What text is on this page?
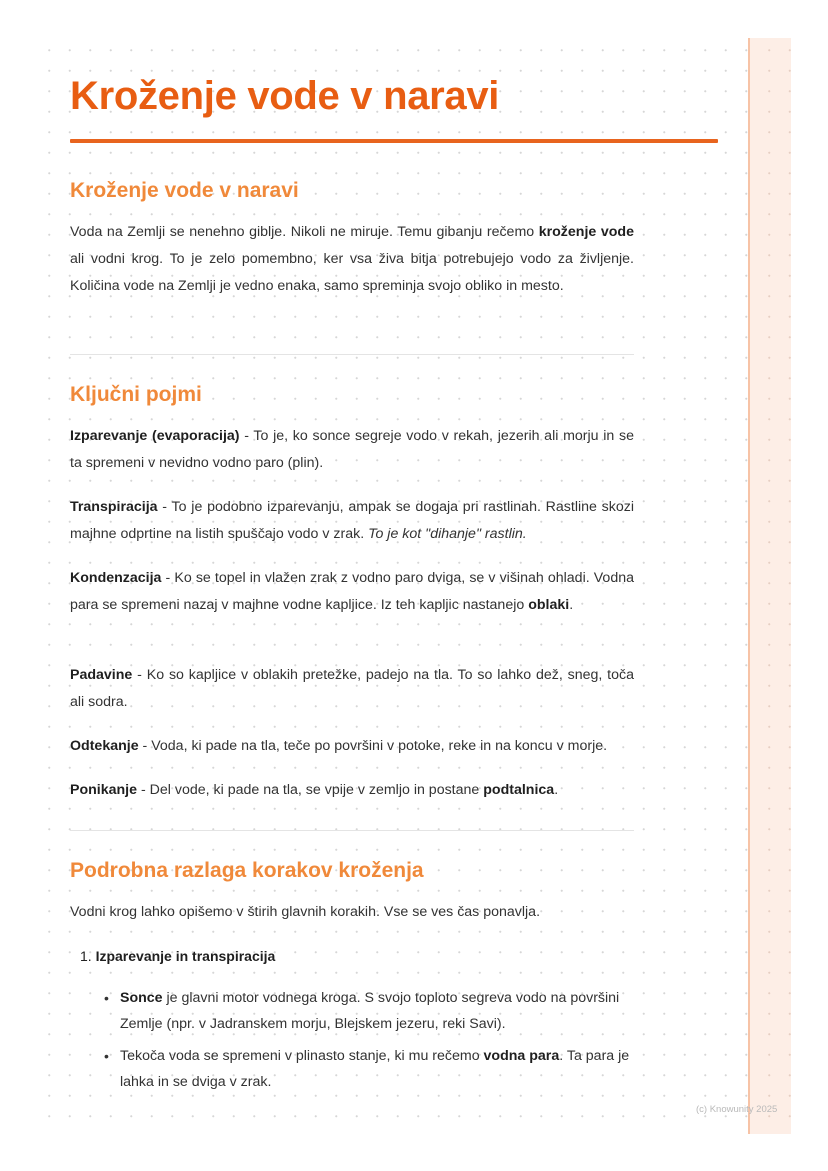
Kroženje vode v naravi
Kroženje vode v naravi

Voda na Zemlji se nenehno giblje. Nikoli ne miruje. Temu gibanju rečemo kroženje vode ali vodni krog. To je zelo pomembno, ker vsa živa bitja potrebujejo vodo za življenje. Količina vode na Zemlji je vedno enaka, samo spreminja svojo obliko in mesto.

Ključni pojmi

Izparevanje (evaporacija) - To je, ko sonce segreje vodo v rekah, jezerih ali morju in se ta spremeni v nevidno vodno paro (plin).

Transpiracija - To je podobno izparevanju, ampak se dogaja pri rastlinah. Rastline skozi majhne odprtine na listih spuščajo vodo v zrak. To je kot "dihanje" rastlin.

Kondenzacija - Ko se topel in vlažen zrak z vodno paro dviga, se v višinah ohladi. Vodna para se spremeni nazaj v majhne vodne kapljice. Iz teh kapljic nastanejo oblaki.

Padavine - Ko so kapljice v oblakih pretežke, padejo na tla. To so lahko dež, sneg, toča ali sodra.

Odtekanje - Voda, ki pade na tla, teče po površini v potoke, reke in na koncu v morje.

Ponikanje - Del vode, ki pade na tla, se vpije v zemljo in postane podtalnica.

Podrobna razlaga korakov kroženja

Vodni krog lahko opišemo v štirih glavnih korakih. Vse se ves čas ponavlja.

1. Izparevanje in transpiracija
• Sonce je glavni motor vodnega kroga. S svojo toploto segreva vodo na površini Zemlje (npr. v Jadranskem morju, Blejskem jezeru, reki Savi).
• Tekoča voda se spremeni v plinasto stanje, ki mu rečemo vodna para. Ta para je lahka in se dviga v zrak.
(c) Knowunity 2025
